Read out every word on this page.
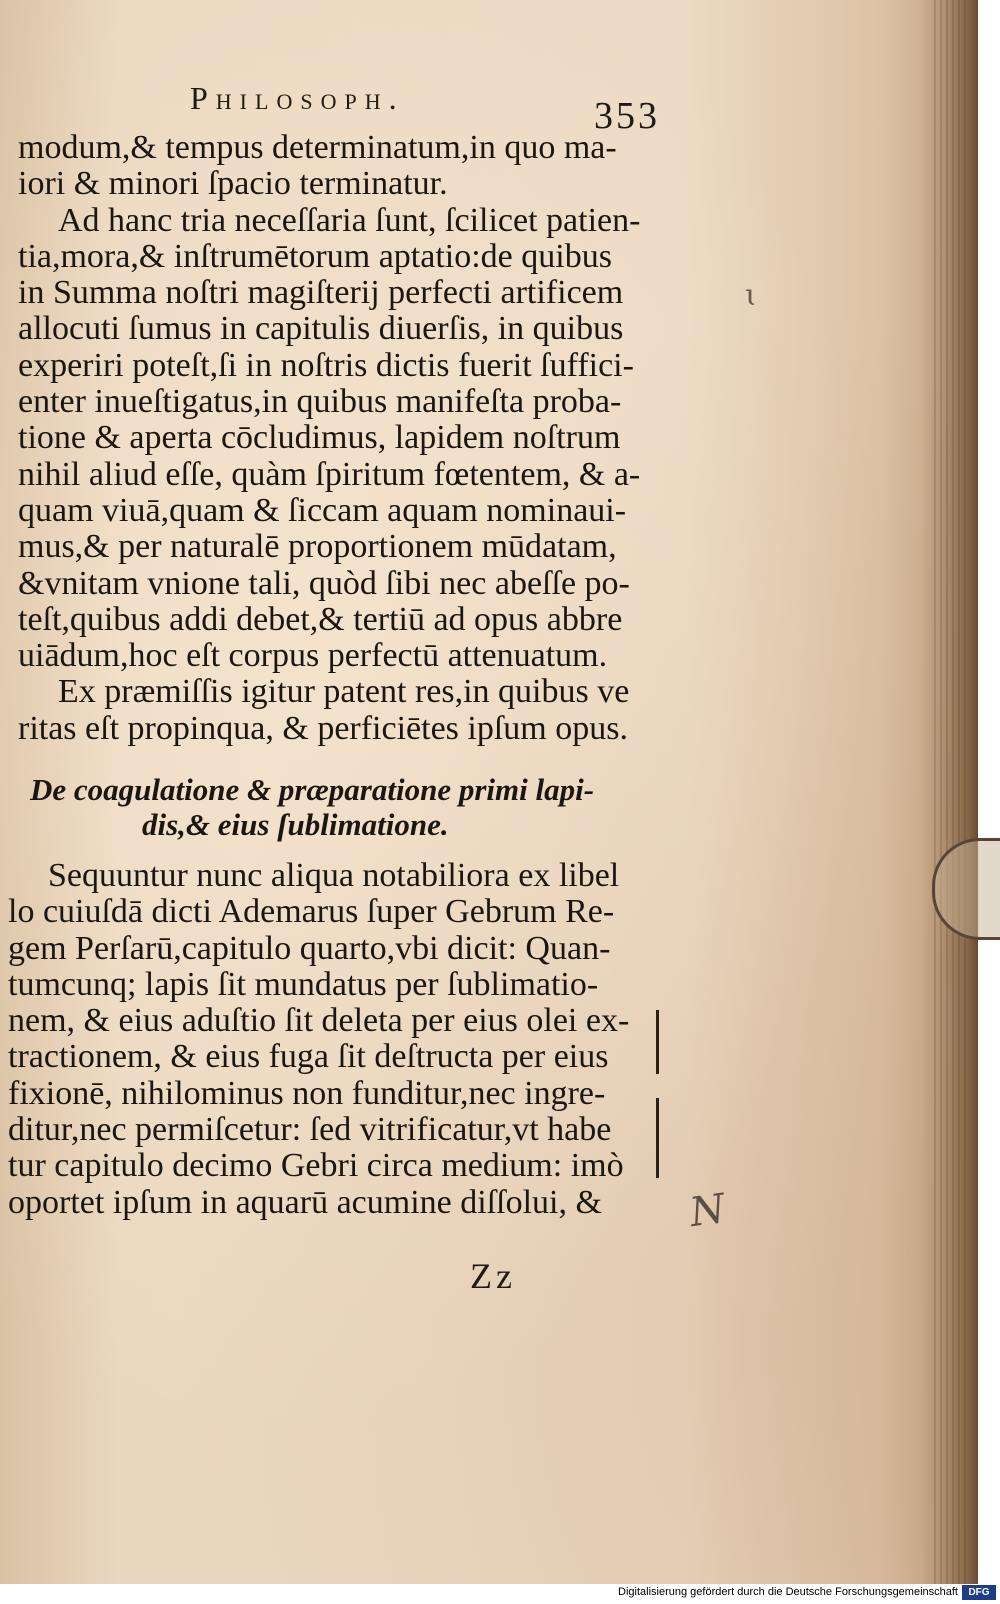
Philosoph.	353
modum,& tempus determinatum,in quo ma-
iori & minori ſpacio terminatur.
Ad hanc tria neceſſaria ſunt, ſcilicet patien-
tia,mora,& inſtrumētorum aptatio:de quibus
in Summa noſtri magiſterij perfecti artificem
allocuti ſumus in capitulis diuerſis, in quibus
experiri poteſt,ſi in noſtris dictis fuerit ſuffici-
enter inueſtigatus,in quibus manifeſta proba-
tione & aperta cōcludimus, lapidem noſtrum
nihil aliud eſſe, quàm ſpiritum fœtentem, & a-
quam viuā,quam & ſiccam aquam nominaui-
mus,& per naturalē proportionem mūdatam,
&vnitam vnione tali, quòd ſibi nec abeſſe po-
teſt,quibus addi debet,& tertiū ad opus abbre
uiādum,hoc eſt corpus perfectū attenuatum.
Ex præmiſſis igitur patent res,in quibus ve
ritas eſt propinqua, & perficiētes ipſum opus.
De coagulatione & præparatione primi lapi-
dis,& eius ſublimatione.
Sequuntur nunc aliqua notabiliora ex libel
lo cuiuſdā dicti Ademarus ſuper Gebrum Re-
gem Perſarū,capitulo quarto,vbi dicit: Quan-
tumcunq; lapis ſit mundatus per ſublimatio-
nem, & eius aduſtio ſit deleta per eius olei ex-
tractionem, & eius fuga ſit deſtructa per eius
fixionē, nihilominus non funditur,nec ingre-
ditur,nec permiſcetur: ſed vitrificatur,vt habe
tur capitulo decimo Gebri circa medium: imò
oportet ipſum in aquarū acumine diſſolui, &
ɩ
N
Zz
Digitalisierung gefördert durch die Deutsche Forschungsgemeinschaft	DFG
